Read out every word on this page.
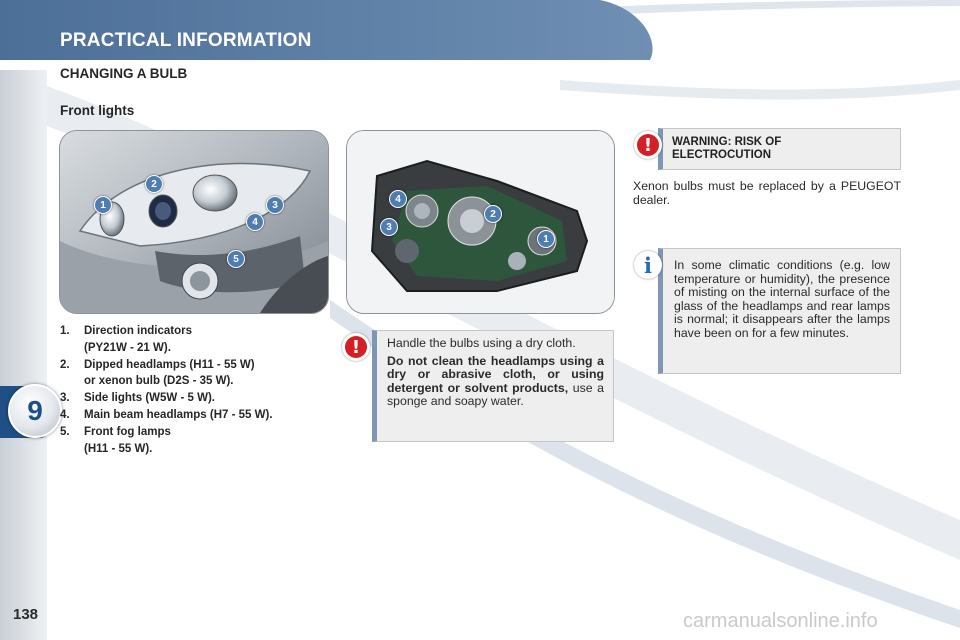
PRACTICAL INFORMATION
9
CHANGING A BULB
Front lights
1
2
3
4
5
4
2
3
1
1. Direction indicators
(PY21W - 21 W).
2. Dipped headlamps (H11 - 55 W)
or xenon bulb (D2S - 35 W).
3. Side lights (W5W - 5 W).
4. Main beam headlamps (H7 - 55 W).
5. Front fog lamps
(H11 - 55 W).
Handle the bulbs using a dry cloth.
Do not clean the headlamps using a dry or abrasive cloth, or using detergent or solvent products, use a sponge and soapy water.
!
WARNING: RISK OF ELECTROCUTION
!
Xenon bulbs must be replaced by a PEUGEOT dealer.
In some climatic conditions (e.g. low temperature or humidity), the presence of misting on the internal surface of the glass of the headlamps and rear lamps is normal; it disappears after the lamps have been on for a few minutes.
i
138	carmanualsonline.info
